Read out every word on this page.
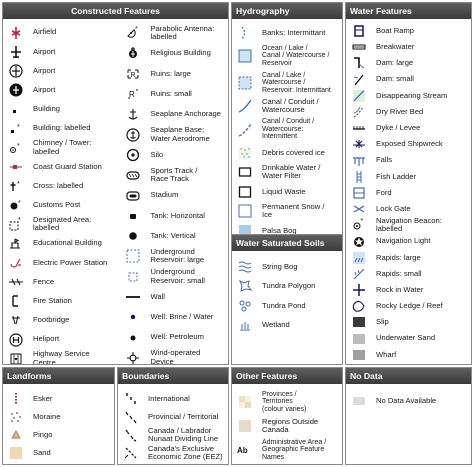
Constructed Features
Airfield
Airport
Airport
Airport
Building
*	Building: labelled
*	Chimney / Tower:
labelled
Coast Guard Station
*	Cross: labelled
*	Customs Post
*	Designated Area:
labelled
Educational Building
Electric Power Station
Fence
Fire Station
Footbridge
Heliport
Highway Service
Centre
*	Parabolic Antenna:
labelled
Religious Building
R	Ruins: large
R	Ruins: small
Seaplane Anchorage
Seaplane Base;
Water Aerodrome
Silo
Sports Track /
Race Track
Stadium
Tank: Horizontal
Tank: Vertical
Underground
Reservoir: large
Underground
Reservoir: small
Wall
Well: Brine / Water
Well: Petroleum
Wind-operated
Device
Hydrography
Banks: Intermittant
Ocean / Lake /
Canal / Watercourse /
Reservoir
Canal / Lake /
Watercourse /
Reservoir: Intermittant
Canal / Conduit /
Watercourse
Canal / Conduit /
Watercourse:
Intermittent
Debris covered ice
Drinkable Water /
Water Filter
Liquid Waste
Permanent Snow /
Ice
Palsa Bog
Water Saturated Soils
String Bog
Tundra Polygon
Tundra Pond
Wetland
Water Features
Boat Ramp
Breakwater
Dam: large
Dam: small
Disappearing Stream
Dry River Bed
Dyke / Levee
Exposed Shipwreck
Falls
Fish Ladder
Ford
Lock Gate
*	Navigation Beacon:
labelled
Navigation Light
Rapids: large
Rapids: small
Rock in Water
Rocky Ledge / Reef
Slip
Underwater Sand
Wharf
Landforms
Esker
Moraine
Pingo
Sand
Boundaries
International
Provincial / Territorial
Canada / Labrador
Nunaat Dividing Line
Canada's Exclusive
Economic Zone (EEZ)
Other Features
Provinces /
Territories
(colour varies)
Regions Outside
Canada
Ab
Administrative Area /
Geographic Feature
Names
No Data
No Data Available
